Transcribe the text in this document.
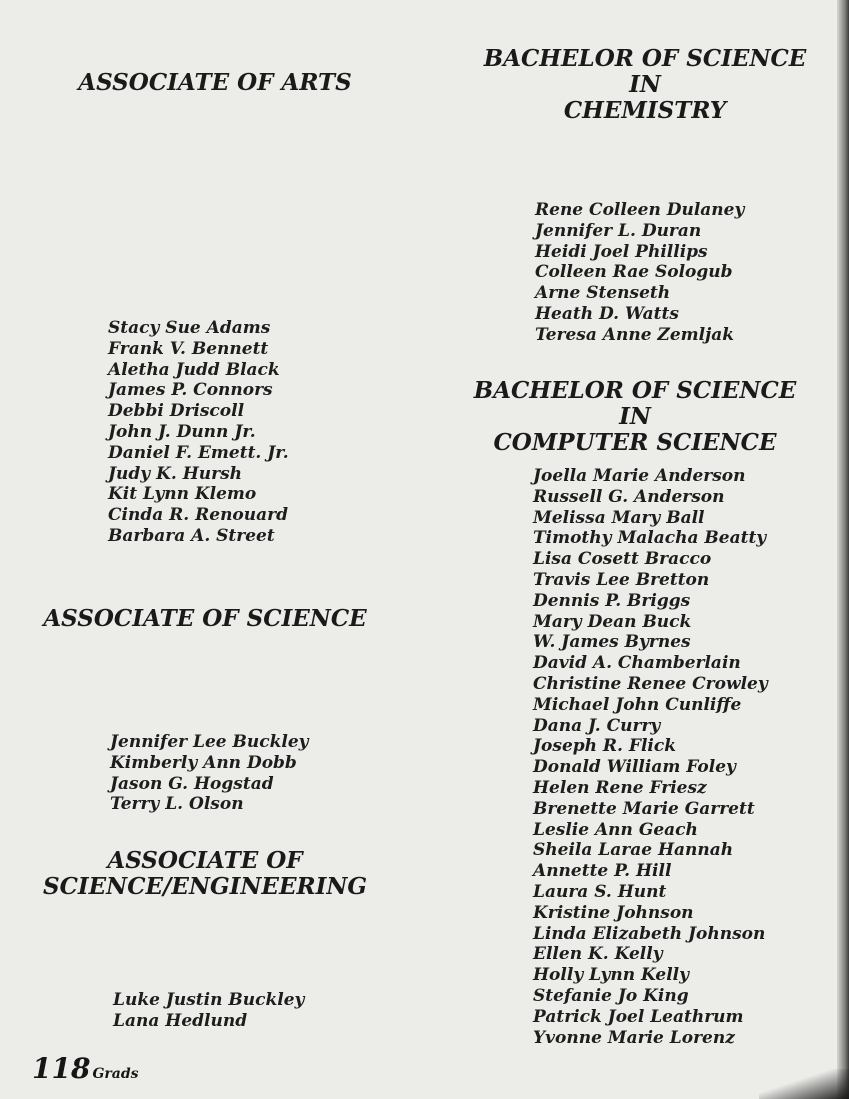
ASSOCIATE OF ARTS
Stacy Sue Adams
Frank V. Bennett
Aletha Judd Black
James P. Connors
Debbi Driscoll
John J. Dunn Jr.
Daniel F. Emett. Jr.
Judy K. Hursh
Kit Lynn Klemo
Cinda R. Renouard
Barbara A. Street
ASSOCIATE OF SCIENCE
Jennifer Lee Buckley
Kimberly Ann Dobb
Jason G. Hogstad
Terry L. Olson
ASSOCIATE OF
SCIENCE/ENGINEERING
Luke Justin Buckley
Lana Hedlund
BACHELOR OF SCIENCE IN
CHEMISTRY
Rene Colleen Dulaney
Jennifer L. Duran
Heidi Joel Phillips
Colleen Rae Sologub
Arne Stenseth
Heath D. Watts
Teresa Anne Zemljak
BACHELOR OF SCIENCE IN
COMPUTER SCIENCE
Joella Marie Anderson
Russell G. Anderson
Melissa Mary Ball
Timothy Malacha Beatty
Lisa Cosett Bracco
Travis Lee Bretton
Dennis P. Briggs
Mary Dean Buck
W. James Byrnes
David A. Chamberlain
Christine Renee Crowley
Michael John Cunliffe
Dana J. Curry
Joseph R. Flick
Donald William Foley
Helen Rene Friesz
Brenette Marie Garrett
Leslie Ann Geach
Sheila Larae Hannah
Annette P. Hill
Laura S. Hunt
Kristine Johnson
Linda Elizabeth Johnson
Ellen K. Kelly
Holly Lynn Kelly
Stefanie Jo King
Patrick Joel Leathrum
Yvonne Marie Lorenz
118 Grads
